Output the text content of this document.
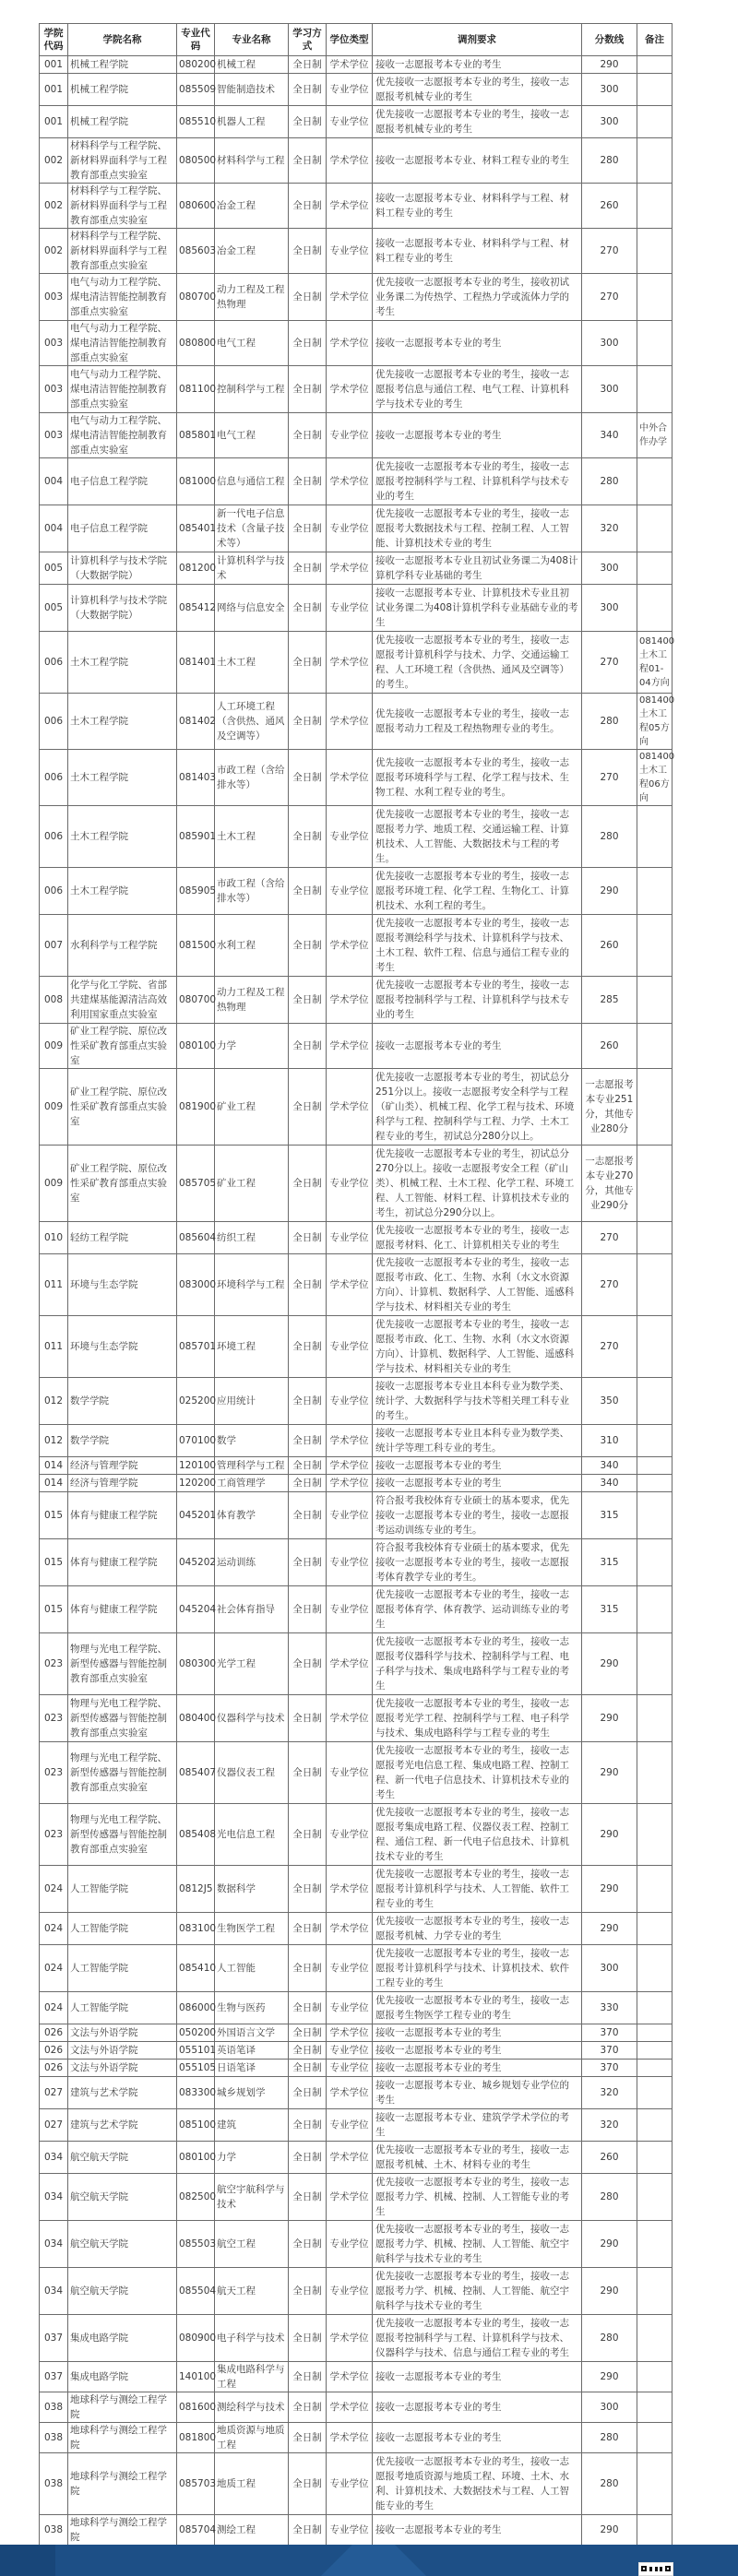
学院代码	学院名称	专业代码	专业名称	学习方式	学位类型	调剂要求	分数线	备注
001	机械工程学院	080200	机械工程	全日制	学术学位	接收一志愿报考本专业的考生	290	
001	机械工程学院	085509	智能制造技术	全日制	专业学位	优先接收一志愿报考本专业的考生，接收一志愿报考机械专业的考生	300	
001	机械工程学院	085510	机器人工程	全日制	专业学位	优先接收一志愿报考本专业的考生，接收一志愿报考机械专业的考生	300	
002	材料科学与工程学院、新材料界面科学与工程教育部重点实验室	080500	材料科学与工程	全日制	学术学位	接收一志愿报考本专业、材料工程专业的考生	280	
002	材料科学与工程学院、新材料界面科学与工程教育部重点实验室	080600	冶金工程	全日制	学术学位	接收一志愿报考本专业、材料科学与工程、材料工程专业的考生	260	
002	材料科学与工程学院、新材料界面科学与工程教育部重点实验室	085603	冶金工程	全日制	专业学位	接收一志愿报考本专业、材料科学与工程、材料工程专业的考生	270	
003	电气与动力工程学院、煤电清洁智能控制教育部重点实验室	080700	动力工程及工程热物理	全日制	学术学位	优先接收一志愿报考本专业的考生，接收初试业务课二为传热学、工程热力学或流体力学的考生	270	
003	电气与动力工程学院、煤电清洁智能控制教育部重点实验室	080800	电气工程	全日制	学术学位	接收一志愿报考本专业的考生	300	
003	电气与动力工程学院、煤电清洁智能控制教育部重点实验室	081100	控制科学与工程	全日制	学术学位	优先接收一志愿报考本专业的考生，接收一志愿报考信息与通信工程、电气工程、计算机科学与技术专业的考生	300	
003	电气与动力工程学院、煤电清洁智能控制教育部重点实验室	085801	电气工程	全日制	专业学位	接收一志愿报考本专业的考生	340	中外合作办学
004	电子信息工程学院	081000	信息与通信工程	全日制	学术学位	优先接收一志愿报考本专业的考生，接收一志愿报考控制科学与工程、计算机科学与技术专业的考生	280	
004	电子信息工程学院	085401	新一代电子信息技术（含量子技术等）	全日制	专业学位	优先接收一志愿报考本专业的考生，接收一志愿报考大数据技术与工程、控制工程、人工智能、计算机技术专业的考生	320	
005	计算机科学与技术学院（大数据学院）	081200	计算机科学与技术	全日制	学术学位	接收一志愿报考本专业且初试业务课二为408计算机学科专业基础的考生	300	
005	计算机科学与技术学院（大数据学院）	085412	网络与信息安全	全日制	专业学位	接收一志愿报考本专业、计算机技术专业且初试业务课二为408计算机学科专业基础专业的考生	300	
006	土木工程学院	081401	土木工程	全日制	学术学位	优先接收一志愿报考本专业的考生，接收一志愿报考计算机科学与技术、力学、交通运输工程、人工环境工程（含供热、通风及空调等）的考生。	270	081400土木工程01-04方向
006	土木工程学院	081402	人工环境工程（含供热、通风及空调等）	全日制	学术学位	优先接收一志愿报考本专业的考生，接收一志愿报考动力工程及工程热物理专业的考生。	280	081400土木工程05方向
006	土木工程学院	081403	市政工程（含给排水等）	全日制	学术学位	优先接收一志愿报考本专业的考生，接收一志愿报考环境科学与工程、化学工程与技术、生物工程、水利工程专业的考生。	270	081400土木工程06方向
006	土木工程学院	085901	土木工程	全日制	专业学位	优先接收一志愿报考本专业的考生，接收一志愿报考力学、地质工程、交通运输工程、计算机技术、人工智能、大数据技术与工程的考生。	280	
006	土木工程学院	085905	市政工程（含给排水等）	全日制	专业学位	优先接收一志愿报考本专业的考生，接收一志愿报考环境工程、化学工程、生物化工、计算机技术、水利工程的考生。	290	
007	水利科学与工程学院	081500	水利工程	全日制	学术学位	优先接收一志愿报考本专业的考生，接收一志愿报考测绘科学与技术、计算机科学与技术、土木工程、软件工程、信息与通信工程专业的考生	260	
008	化学与化工学院、省部共建煤基能源清洁高效利用国家重点实验室	080700	动力工程及工程热物理	全日制	学术学位	优先接收一志愿报考本专业的考生，接收一志愿报考控制科学与工程、计算机科学与技术专业的考生	285	
009	矿业工程学院、原位改性采矿教育部重点实验室	080100	力学	全日制	学术学位	接收一志愿报考本专业的考生	260	
009	矿业工程学院、原位改性采矿教育部重点实验室	081900	矿业工程	全日制	学术学位	优先接收一志愿报考本专业的考生，初试总分251分以上。接收一志愿报考安全科学与工程（矿山类）、机械工程、化学工程与技术、环境科学与工程、控制科学与工程、力学、土木工程专业的考生，初试总分280分以上。	一志愿报考本专业251分，其他专业280分	
009	矿业工程学院、原位改性采矿教育部重点实验室	085705	矿业工程	全日制	专业学位	优先接收一志愿报考本专业的考生，初试总分270分以上。接收一志愿报考安全工程（矿山类）、机械工程、土木工程、化学工程、环境工程、人工智能、材料工程、计算机技术专业的考生，初试总分290分以上。	一志愿报考本专业270分，其他专业290分	
010	轻纺工程学院	085604	纺织工程	全日制	专业学位	优先接收一志愿报考本专业的考生，接收一志愿报考材料、化工、计算机相关专业的考生	270	
011	环境与生态学院	083000	环境科学与工程	全日制	学术学位	优先接收一志愿报考本专业的考生，接收一志愿报考市政、化工、生物、水利（水文水资源方向）、计算机、数据科学、人工智能、遥感科学与技术、材料相关专业的考生	270	
011	环境与生态学院	085701	环境工程	全日制	专业学位	优先接收一志愿报考本专业的考生，接收一志愿报考市政、化工、生物、水利（水文水资源方向）、计算机、数据科学、人工智能、遥感科学与技术、材料相关专业的考生	270	
012	数学学院	025200	应用统计	全日制	专业学位	接收一志愿报考本专业且本科专业为数学类、统计学、大数据科学与技术等相关理工科专业的考生。	350	
012	数学学院	070100	数学	全日制	学术学位	接收一志愿报考本专业且本科专业为数学类、统计学等理工科专业的考生。	310	
014	经济与管理学院	120100	管理科学与工程	全日制	学术学位	接收一志愿报考本专业的考生	340	
014	经济与管理学院	120200	工商管理学	全日制	学术学位	接收一志愿报考本专业的考生	340	
015	体育与健康工程学院	045201	体育教学	全日制	专业学位	符合报考我校体育专业硕士的基本要求，优先接收一志愿报考本专业的考生，接收一志愿报考运动训练专业的考生。	315	
015	体育与健康工程学院	045202	运动训练	全日制	专业学位	符合报考我校体育专业硕士的基本要求，优先接收一志愿报考本专业的考生，接收一志愿报考体育教学专业的考生。	315	
015	体育与健康工程学院	045204	社会体育指导	全日制	专业学位	优先接收一志愿报考本专业的考生，接收一志愿报考体育学、体育教学、运动训练专业的考生	315	
023	物理与光电工程学院、新型传感器与智能控制教育部重点实验室	080300	光学工程	全日制	学术学位	优先接收一志愿报考本专业的考生，接收一志愿报考仪器科学与技术、控制科学与工程、电子科学与技术、集成电路科学与工程专业的考生	290	
023	物理与光电工程学院、新型传感器与智能控制教育部重点实验室	080400	仪器科学与技术	全日制	学术学位	优先接收一志愿报考本专业的考生，接收一志愿报考光学工程、控制科学与工程、电子科学与技术、集成电路科学与工程专业的考生	290	
023	物理与光电工程学院、新型传感器与智能控制教育部重点实验室	085407	仪器仪表工程	全日制	专业学位	优先接收一志愿报考本专业的考生，接收一志愿报考光电信息工程、集成电路工程、控制工程、新一代电子信息技术、计算机技术专业的考生	290	
023	物理与光电工程学院、新型传感器与智能控制教育部重点实验室	085408	光电信息工程	全日制	专业学位	优先接收一志愿报考本专业的考生，接收一志愿报考集成电路工程、仪器仪表工程、控制工程、通信工程、新一代电子信息技术、计算机技术专业的考生	290	
024	人工智能学院	0812J5	数据科学	全日制	学术学位	优先接收一志愿报考本专业的考生，接收一志愿报考计算机科学与技术、人工智能、软件工程专业的考生	290	
024	人工智能学院	083100	生物医学工程	全日制	学术学位	优先接收一志愿报考本专业的考生，接收一志愿报考机械、力学专业的考生	290	
024	人工智能学院	085410	人工智能	全日制	专业学位	优先接收一志愿报考本专业的考生，接收一志愿报考计算机科学与技术、计算机技术、软件工程专业的考生	300	
024	人工智能学院	086000	生物与医药	全日制	专业学位	优先接收一志愿报考本专业的考生，接收一志愿报考生物医学工程专业的考生	330	
026	文法与外语学院	050200	外国语言文学	全日制	学术学位	接收一志愿报考本专业的考生	370	
026	文法与外语学院	055101	英语笔译	全日制	专业学位	接收一志愿报考本专业的考生	370	
026	文法与外语学院	055105	日语笔译	全日制	专业学位	接收一志愿报考本专业的考生	370	
027	建筑与艺术学院	083300	城乡规划学	全日制	学术学位	接收一志愿报考本专业、城乡规划专业学位的考生	320	
027	建筑与艺术学院	085100	建筑	全日制	专业学位	接收一志愿报考本专业、建筑学学术学位的考生	320	
034	航空航天学院	080100	力学	全日制	学术学位	优先接收一志愿报考本专业的考生，接收一志愿报考机械、土木、材料专业的考生	260	
034	航空航天学院	082500	航空宇航科学与技术	全日制	学术学位	优先接收一志愿报考本专业的考生，接收一志愿报考力学、机械、控制、人工智能专业的考生	280	
034	航空航天学院	085503	航空工程	全日制	专业学位	优先接收一志愿报考本专业的考生，接收一志愿报考力学、机械、控制、人工智能、航空宇航科学与技术专业的考生	290	
034	航空航天学院	085504	航天工程	全日制	专业学位	优先接收一志愿报考本专业的考生，接收一志愿报考力学、机械、控制、人工智能、航空宇航科学与技术专业的考生	290	
037	集成电路学院	080900	电子科学与技术	全日制	学术学位	优先接收一志愿报考本专业的考生，接收一志愿报考控制科学与工程、计算机科学与技术、仪器科学与技术、信息与通信工程专业的考生	280	
037	集成电路学院	140100	集成电路科学与工程	全日制	学术学位	接收一志愿报考本专业的考生	290	
038	地球科学与测绘工程学院	081600	测绘科学与技术	全日制	学术学位	接收一志愿报考本专业的考生	300	
038	地球科学与测绘工程学院	081800	地质资源与地质工程	全日制	学术学位	接收一志愿报考本专业的考生	280	
038	地球科学与测绘工程学院	085703	地质工程	全日制	专业学位	优先接收一志愿报考本专业的考生，接收一志愿报考地质资源与地质工程、环境、土木、水利、计算机技术、大数据技术与工程、人工智能专业的考生	280	
038	地球科学与测绘工程学院	085704	测绘工程	全日制	专业学位	接收一志愿报考本专业的考生	290	
